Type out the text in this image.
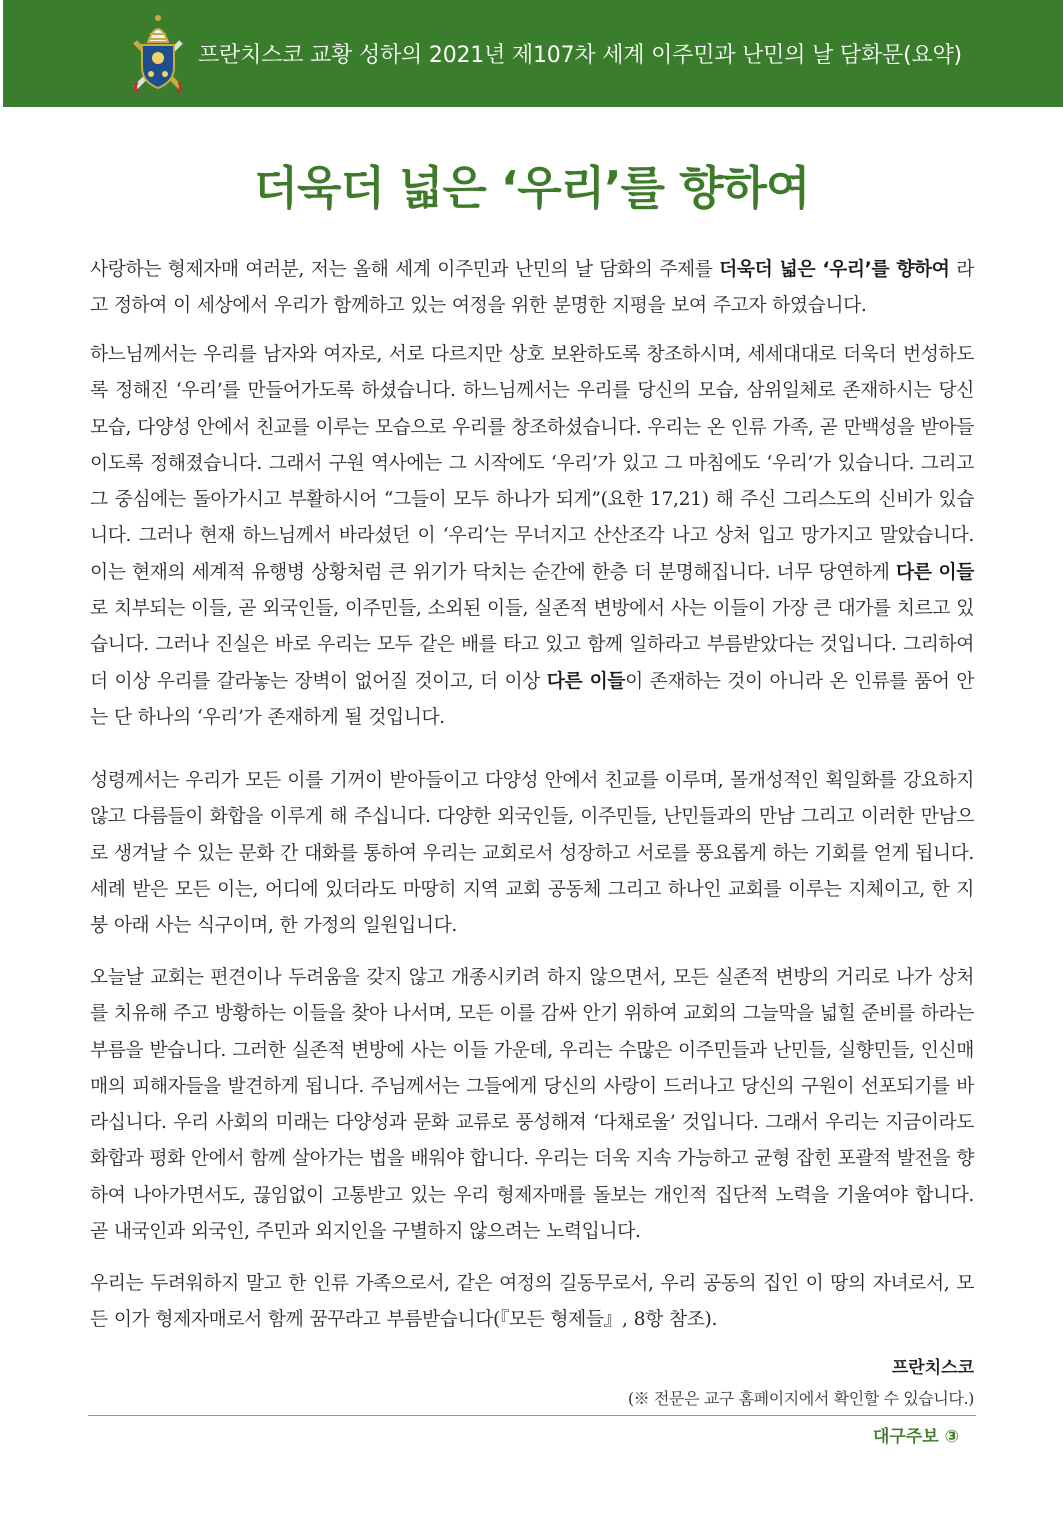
프란치스코 교황 성하의 2021년 제107차 세계 이주민과 난민의 날 담화문(요약)
더욱더 넓은 ‘우리’를 향하여

사랑하는 형제자매 여러분, 저는 올해 세계 이주민과 난민의 날 담화의 주제를 더욱더 넓은 ‘우리’를 향하여 라고 정하여 이 세상에서 우리가 함께하고 있는 여정을 위한 분명한 지평을 보여 주고자 하였습니다.

하느님께서는 우리를 남자와 여자로, 서로 다르지만 상호 보완하도록 창조하시며, 세세대대로 더욱더 번성하도록 정해진 ‘우리’를 만들어가도록 하셨습니다. 하느님께서는 우리를 당신의 모습, 삼위일체로 존재하시는 당신 모습, 다양성 안에서 친교를 이루는 모습으로 우리를 창조하셨습니다. 우리는 온 인류 가족, 곧 만백성을 받아들이도록 정해졌습니다. 그래서 구원 역사에는 그 시작에도 ‘우리’가 있고 그 마침에도 ‘우리’가 있습니다. 그리고 그 중심에는 돌아가시고 부활하시어 “그들이 모두 하나가 되게”(요한 17,21) 해 주신 그리스도의 신비가 있습니다. 그러나 현재 하느님께서 바라셨던 이 ‘우리’는 무너지고 산산조각 나고 상처 입고 망가지고 말았습니다. 이는 현재의 세계적 유행병 상황처럼 큰 위기가 닥치는 순간에 한층 더 분명해집니다. 너무 당연하게 다른 이들로 치부되는 이들, 곧 외국인들, 이주민들, 소외된 이들, 실존적 변방에서 사는 이들이 가장 큰 대가를 치르고 있습니다. 그러나 진실은 바로 우리는 모두 같은 배를 타고 있고 함께 일하라고 부름받았다는 것입니다. 그리하여 더 이상 우리를 갈라놓는 장벽이 없어질 것이고, 더 이상 다른 이들이 존재하는 것이 아니라 온 인류를 품어 안는 단 하나의 ‘우리’가 존재하게 될 것입니다.

성령께서는 우리가 모든 이를 기꺼이 받아들이고 다양성 안에서 친교를 이루며, 몰개성적인 획일화를 강요하지 않고 다름들이 화합을 이루게 해 주십니다. 다양한 외국인들, 이주민들, 난민들과의 만남 그리고 이러한 만남으로 생겨날 수 있는 문화 간 대화를 통하여 우리는 교회로서 성장하고 서로를 풍요롭게 하는 기회를 얻게 됩니다. 세례 받은 모든 이는, 어디에 있더라도 마땅히 지역 교회 공동체 그리고 하나인 교회를 이루는 지체이고, 한 지붕 아래 사는 식구이며, 한 가정의 일원입니다.

오늘날 교회는 편견이나 두려움을 갖지 않고 개종시키려 하지 않으면서, 모든 실존적 변방의 거리로 나가 상처를 치유해 주고 방황하는 이들을 찾아 나서며, 모든 이를 감싸 안기 위하여 교회의 그늘막을 넓힐 준비를 하라는 부름을 받습니다. 그러한 실존적 변방에 사는 이들 가운데, 우리는 수많은 이주민들과 난민들, 실향민들, 인신매매의 피해자들을 발견하게 됩니다. 주님께서는 그들에게 당신의 사랑이 드러나고 당신의 구원이 선포되기를 바라십니다. 우리 사회의 미래는 다양성과 문화 교류로 풍성해져 ‘다채로울’ 것입니다. 그래서 우리는 지금이라도 화합과 평화 안에서 함께 살아가는 법을 배워야 합니다. 우리는 더욱 지속 가능하고 균형 잡힌 포괄적 발전을 향하여 나아가면서도, 끊임없이 고통받고 있는 우리 형제자매를 돌보는 개인적 집단적 노력을 기울여야 합니다. 곧 내국인과 외국인, 주민과 외지인을 구별하지 않으려는 노력입니다.

우리는 두려워하지 말고 한 인류 가족으로서, 같은 여정의 길동무로서, 우리 공동의 집인 이 땅의 자녀로서, 모든 이가 형제자매로서 함께 꿈꾸라고 부름받습니다(『모든 형제들』, 8항 참조).

프란치스코
(※ 전문은 교구 홈페이지에서 확인할 수 있습니다.)
대구주보 ③
